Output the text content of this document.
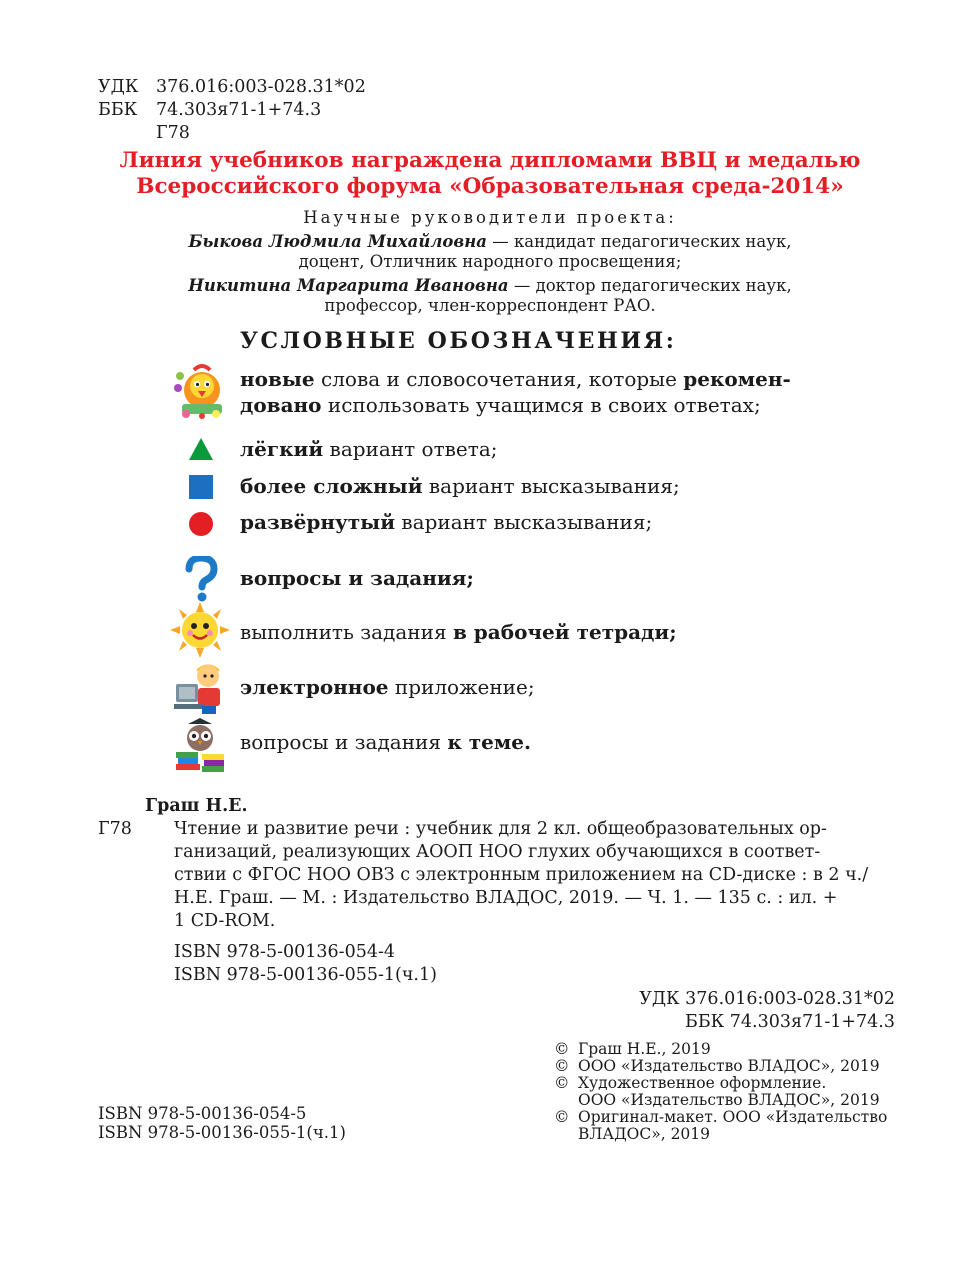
УДК 376.016:003-028.31*02
ББК 74.303я71-1+74.3
Г78
Линия учебников награждена дипломами ВВЦ и медалью
Всероссийского форума «Образовательная среда-2014»
Научные руководители проекта:
Быкова Людмила Михайловна — кандидат педагогических наук,
доцент, Отличник народного просвещения;
Никитина Маргарита Ивановна — доктор педагогических наук,
профессор, член-корреспондент РАО.
УСЛОВНЫЕ ОБОЗНАЧЕНИЯ:
новые слова и словосочетания, которые рекомен-
довано использовать учащимся в своих ответах;
лёгкий вариант ответа;
более сложный вариант высказывания;
развёрнутый вариант высказывания;
вопросы и задания;
выполнить задания в рабочей тетради;
электронное приложение;
вопросы и задания к теме.
Граш Н.Е.
Г78 Чтение и развитие речи : учебник для 2 кл. общеобразовательных ор-
ганизаций, реализующих АООП НОО глухих обучающихся в соответ-
ствии с ФГОС НОО ОВЗ с электронным приложением на CD-диске : в 2 ч./
Н.Е. Граш. — М. : Издательство ВЛАДОС, 2019. — Ч. 1. — 135 с. : ил. +
1 CD-ROM.
ISBN 978-5-00136-054-4
ISBN 978-5-00136-055-1(ч.1)
УДК 376.016:003-028.31*02
ББК 74.303я71-1+74.3
© Граш Н.Е., 2019
© ООО «Издательство ВЛАДОС», 2019
© Художественное оформление.
ООО «Издательство ВЛАДОС», 2019
© Оригинал-макет. ООО «Издательство
ВЛАДОС», 2019
ISBN 978-5-00136-054-5
ISBN 978-5-00136-055-1(ч.1)
